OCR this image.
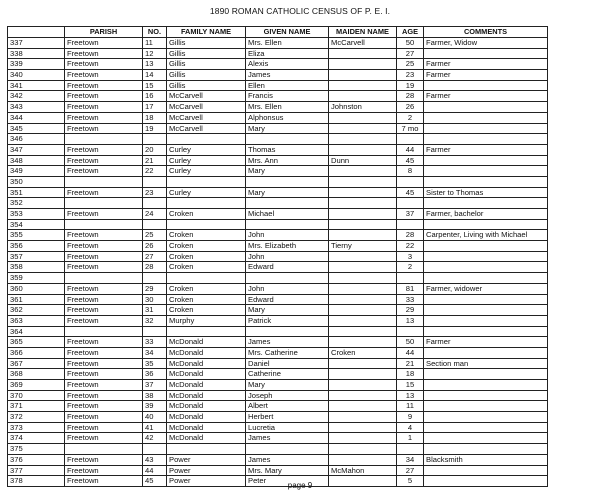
1890 ROMAN CATHOLIC CENSUS OF P. E. I.
	PARISH	NO.	FAMILY NAME	GIVEN NAME	MAIDEN NAME	AGE	COMMENTS
337	Freetown	11	Gillis	Mrs. Ellen	McCarvell	50	Farmer, Widow
338	Freetown	12	Gillis	Eliza		27	
339	Freetown	13	Gillis	Alexis		25	Farmer
340	Freetown	14	Gillis	James		23	Farmer
341	Freetown	15	Gillis	Ellen		19	
342	Freetown	16	McCarvell	Francis		28	Farmer
343	Freetown	17	McCarvell	Mrs. Ellen	Johnston	26	
344	Freetown	18	McCarvell	Alphonsus		2	
345	Freetown	19	McCarvell	Mary		7 mo	
346							
347	Freetown	20	Curley	Thomas		44	Farmer
348	Freetown	21	Curley	Mrs. Ann	Dunn	45	
349	Freetown	22	Curley	Mary		8	
350							
351	Freetown	23	Curley	Mary		45	Sister to Thomas
352							
353	Freetown	24	Croken	Michael		37	Farmer, bachelor
354							
355	Freetown	25	Croken	John		28	Carpenter, Living with Michael
356	Freetown	26	Croken	Mrs. Elizabeth	Tierny	22	
357	Freetown	27	Croken	John		3	
358	Freetown	28	Croken	Edward		2	
359							
360	Freetown	29	Croken	John		81	Farmer, widower
361	Freetown	30	Croken	Edward		33	
362	Freetown	31	Croken	Mary		29	
363	Freetown	32	Murphy	Patrick		13	
364							
365	Freetown	33	McDonald	James		50	Farmer
366	Freetown	34	McDonald	Mrs. Catherine	Croken	44	
367	Freetown	35	McDonald	Daniel		21	Section man
368	Freetown	36	McDonald	Catherine		18	
369	Freetown	37	McDonald	Mary		15	
370	Freetown	38	McDonald	Joseph		13	
371	Freetown	39	McDonald	Albert		11	
372	Freetown	40	McDonald	Herbert		9	
373	Freetown	41	McDonald	Lucretia		4	
374	Freetown	42	McDonald	James		1	
375							
376	Freetown	43	Power	James		34	Blacksmith
377	Freetown	44	Power	Mrs. Mary	McMahon	27	
378	Freetown	45	Power	Peter		5	
page 9
